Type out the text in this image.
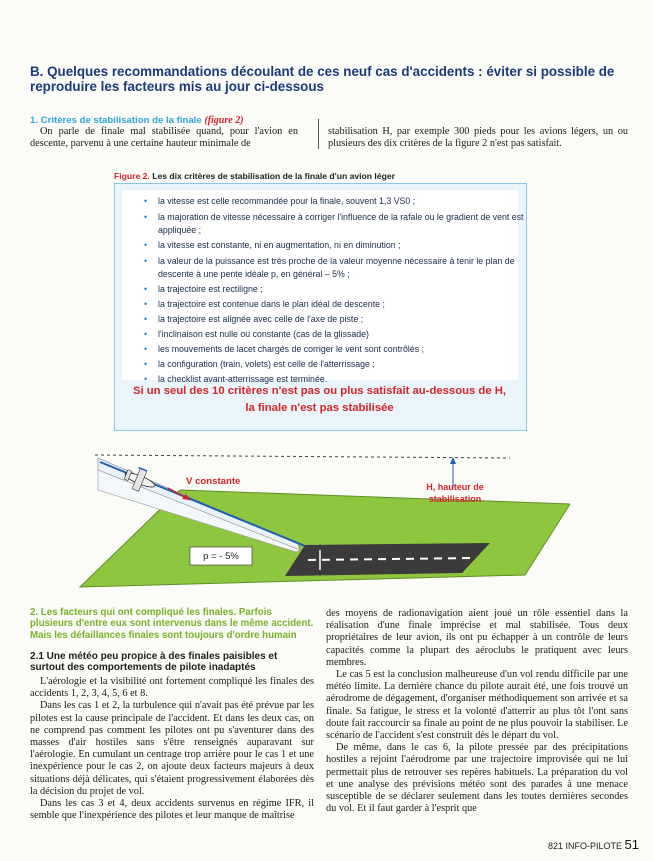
B. Quelques recommandations découlant de ces neuf cas d'accidents : éviter si possible de reproduire les facteurs mis au jour ci-dessous
1. Critères de stabilisation de la finale (figure 2)
On parle de finale mal stabilisée quand, pour l'avion en descente, parvenu à une certaine hauteur minimale de
stabilisation H, par exemple 300 pieds pour les avions légers, un ou plusieurs des dix critères de la figure 2 n'est pas satisfait.
Figure 2. Les dix critères de stabilisation de la finale d'un avion léger
• la vitesse est celle recommandée pour la finale, souvent 1,3 VS0 ;
• la majoration de vitesse nécessaire à corriger l'influence de la rafale ou le gradient de vent est appliquée ;
• la vitesse est constante, ni en augmentation, ni en diminution ;
• la valeur de la puissance est très proche de la valeur moyenne nécessaire à tenir le plan de descente à une pente idéale p, en général – 5% ;
• la trajectoire est rectiligne ;
• la trajectoire est contenue dans le plan idéal de descente ;
• la trajectoire est alignée avec celle de l'axe de piste ;
• l'inclinaison est nulle ou constante (cas de la glissade)
• les mouvements de lacet chargés de corriger le vent sont contrôlés ;
• la configuration (train, volets) est celle de l'atterrissage ;
• la checklist avant-atterrissage est terminée.
Si un seul des 10 critères n'est pas ou plus satisfait au-dessous de H,
la finale n'est pas stabilisée
V constante	H, hauteur de
stabilisation
p = - 5%
2. Les facteurs qui ont compliqué les finales. Parfois plusieurs d'entre eux sont intervenus dans le même accident. Mais les défaillances finales sont toujours d'ordre humain
2.1 Une météo peu propice à des finales paisibles et surtout des comportements de pilote inadaptés
L'aérologie et la visibilité ont fortement compliqué les finales des accidents 1, 2, 3, 4, 5, 6 et 8.
Dans les cas 1 et 2, la turbulence qui n'avait pas été prévue par les pilotes est la cause principale de l'accident. Et dans les deux cas, on ne comprend pas comment les pilotes ont pu s'aventurer dans des masses d'air hostiles sans s'être renseignés auparavant sur l'aérologie. En cumulant un centrage trop arrière pour le cas 1 et une inexpérience pour le cas 2, on ajoute deux facteurs majeurs à deux situations déjà délicates, qui s'étaient progressivement élaborées dès la décision du projet de vol.
Dans les cas 3 et 4, deux accidents survenus en régime IFR, il semble que l'inexpérience des pilotes et leur manque de maîtrise
des moyens de radionavigation aient joué un rôle essentiel dans la réalisation d'une finale imprécise et mal stabilisée. Tous deux propriétaires de leur avion, ils ont pu échapper à un contrôle de leurs capacités comme la plupart des aéroclubs le pratiquent avec leurs membres.
Le cas 5 est la conclusion malheureuse d'un vol rendu difficile par une météo limite. La dernière chance du pilote aurait été, une fois trouvé un aérodrome de dégagement, d'organiser méthodiquement son arrivée et sa finale. Sa fatigue, le stress et la volonté d'atterrir au plus tôt l'ont sans doute fait raccourcir sa finale au point de ne plus pouvoir la stabiliser. Le scénario de l'accident s'est construit dès le départ du vol.
De même, dans le cas 6, la pilote pressée par des précipitations hostiles a rejoint l'aérodrome par une trajectoire improvisée qui ne lui permettait plus de retrouver ses repères habituels. La préparation du vol et une analyse des prévisions météo sont des parades à une menace susceptible de se déclarer seulement dans les toutes dernières secondes du vol. Et il faut garder à l'esprit que
821 INFO-PILOTE 51
